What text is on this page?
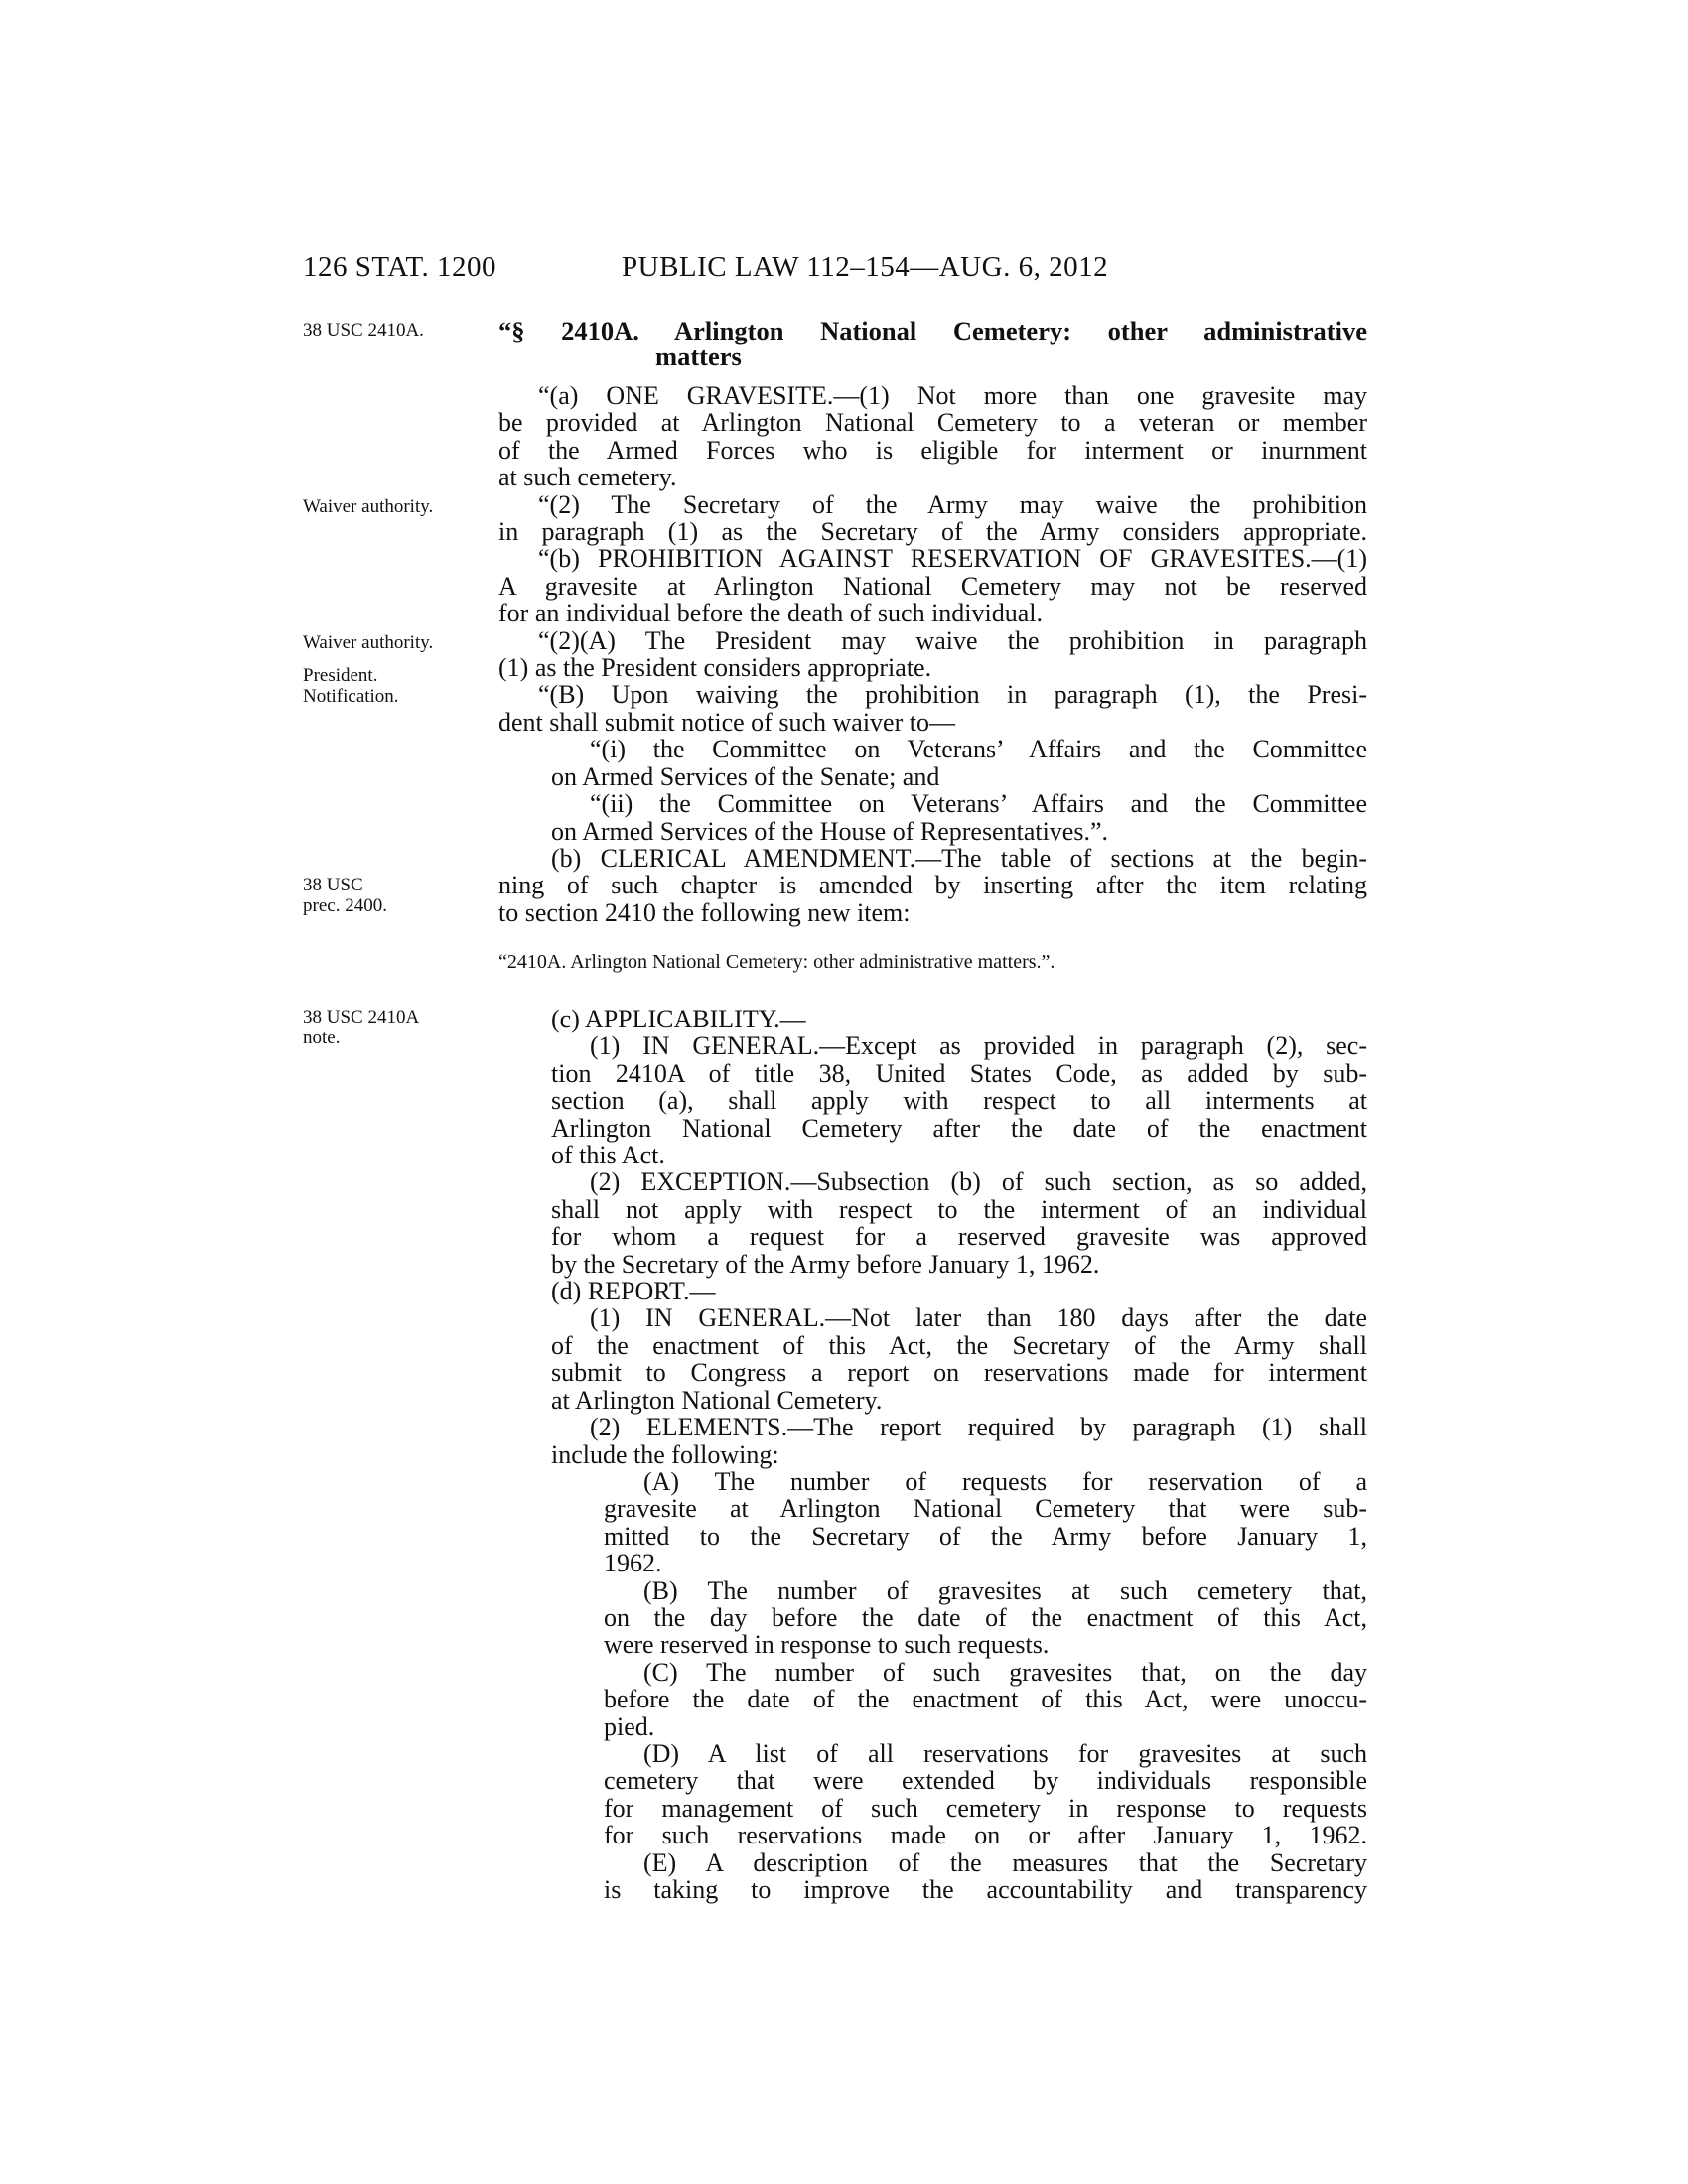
126 STAT. 1200	PUBLIC LAW 112–154—AUG. 6, 2012
38 USC 2410A.
Waiver authority.
Waiver authority.
President.
Notification.
38 USC
prec. 2400.
38 USC 2410A
note.

“§ 2410A. Arlington National Cemetery: other administrative

matters

“(a) ONE GRAVESITE.—(1) Not more than one gravesite may

be provided at Arlington National Cemetery to a veteran or member

of the Armed Forces who is eligible for interment or inurnment

at such cemetery.

“(2) The Secretary of the Army may waive the prohibition

in paragraph (1) as the Secretary of the Army considers appropriate.

“(b) PROHIBITION AGAINST RESERVATION OF GRAVESITES.—(1)

A gravesite at Arlington National Cemetery may not be reserved

for an individual before the death of such individual.

“(2)(A) The President may waive the prohibition in paragraph

(1) as the President considers appropriate.

“(B) Upon waiving the prohibition in paragraph (1), the Presi-

dent shall submit notice of such waiver to—

“(i) the Committee on Veterans’ Affairs and the Committee

on Armed Services of the Senate; and

“(ii) the Committee on Veterans’ Affairs and the Committee

on Armed Services of the House of Representatives.”.

(b) CLERICAL AMENDMENT.—The table of sections at the begin-

ning of such chapter is amended by inserting after the item relating

to section 2410 the following new item:

“2410A. Arlington National Cemetery: other administrative matters.”.

(c) APPLICABILITY.—

(1) IN GENERAL.—Except as provided in paragraph (2), sec-

tion 2410A of title 38, United States Code, as added by sub-

section (a), shall apply with respect to all interments at

Arlington National Cemetery after the date of the enactment

of this Act.

(2) EXCEPTION.—Subsection (b) of such section, as so added,

shall not apply with respect to the interment of an individual

for whom a request for a reserved gravesite was approved

by the Secretary of the Army before January 1, 1962.

(d) REPORT.—

(1) IN GENERAL.—Not later than 180 days after the date

of the enactment of this Act, the Secretary of the Army shall

submit to Congress a report on reservations made for interment

at Arlington National Cemetery.

(2) ELEMENTS.—The report required by paragraph (1) shall

include the following:

(A) The number of requests for reservation of a

gravesite at Arlington National Cemetery that were sub-

mitted to the Secretary of the Army before January 1,

1962.

(B) The number of gravesites at such cemetery that,

on the day before the date of the enactment of this Act,

were reserved in response to such requests.

(C) The number of such gravesites that, on the day

before the date of the enactment of this Act, were unoccu-

pied.

(D) A list of all reservations for gravesites at such

cemetery that were extended by individuals responsible

for management of such cemetery in response to requests

for such reservations made on or after January 1, 1962.

(E) A description of the measures that the Secretary

is taking to improve the accountability and transparency
